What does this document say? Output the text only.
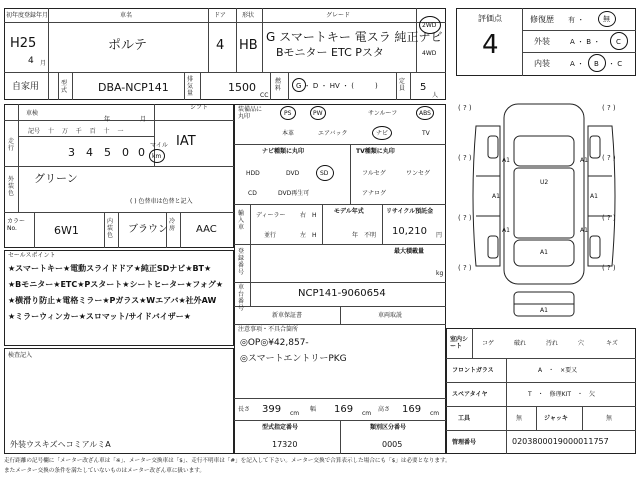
初年度登録年月
H25
4 月
車名
ポルテ
ドア
4
形状
HB
グレード
G スマートキー 電スラ 純正ナビ
Bモニター ETC Pスタ
2WD
4WD
自家用	型式	DBA-NCP141
排気量	1500
CC
燃料	G ・ D ・ HV ・ (　　　)
定員 5
人
評価点
4
修復歴 有 ・	無
外装	A ・ B ・ C
内装	A ・ B ・ C
( ? )	( ? )
( ? )	( ? )
( ? )	( ? )
( ? )	( ? )
A1	A1
A1	A1
A1	A1
A1
U2
A1
車検
年	月
シフト
IAT
走行
記号 十 万 千 百 十 一
3 4 5 0 0
マイル
km
外装色
グリーン
( ) 色替車は色替と記入
カラーNo.	6W1
内装色
ブラウン
冷房	AAC
セールスポイント
★スマートキー★電動スライドドア★純正SDナビ★BT★
★Bモニター★ETC★Pスタート★シートヒーター★フォグ★
★横滑り防止★電格ミラー★Pガラス★Wエアバ★社外AW
★ミラーウィンカー★スロマット/サイドバイザー★
検査記入
外装ウスキズヘコミアルミA
装備品に丸印	PS	PW	サンルーフ	ABS
本革	エアバック	ナビ	TV
ナビ種類に丸印
HDD	DVD	SD
CD	DVD再生可
TV種類に丸印
フルセグ	ワンセグ
アナログ
輸入車
ディーラー
並行
右
左
H
H
モデル年式
年　不明
リサイクル預託金
10,210 円
登録番号
最大積載量
kg
車台番号
NCP141-9060654
新車保証書	車両取説
注意事項・不具合箇所
◎OP◎¥42,857-
◎スマートエントリーPKG
長さ 399 cm
幅 169 cm
高さ 169 cm
型式指定番号
17320
類別区分番号
0005
室内シート	コゲ	破れ	汚れ	穴	キズ
フロントガラス	A　・　×要又
スペアタイヤ	T　・　修理KIT　・　欠
工具	無	ジャッキ	無
管理番号	0203800019000011757
走行距離の記号欄に「メーター改ざん車は「※」、メーター交換車は「$」、走行不明車は「#」を記入して下さい。メーター交換で合算表示した場合にも「$」は必要となります。
またメーター交換の条件を満たしていないものはメーター改ざん車に扱います。
